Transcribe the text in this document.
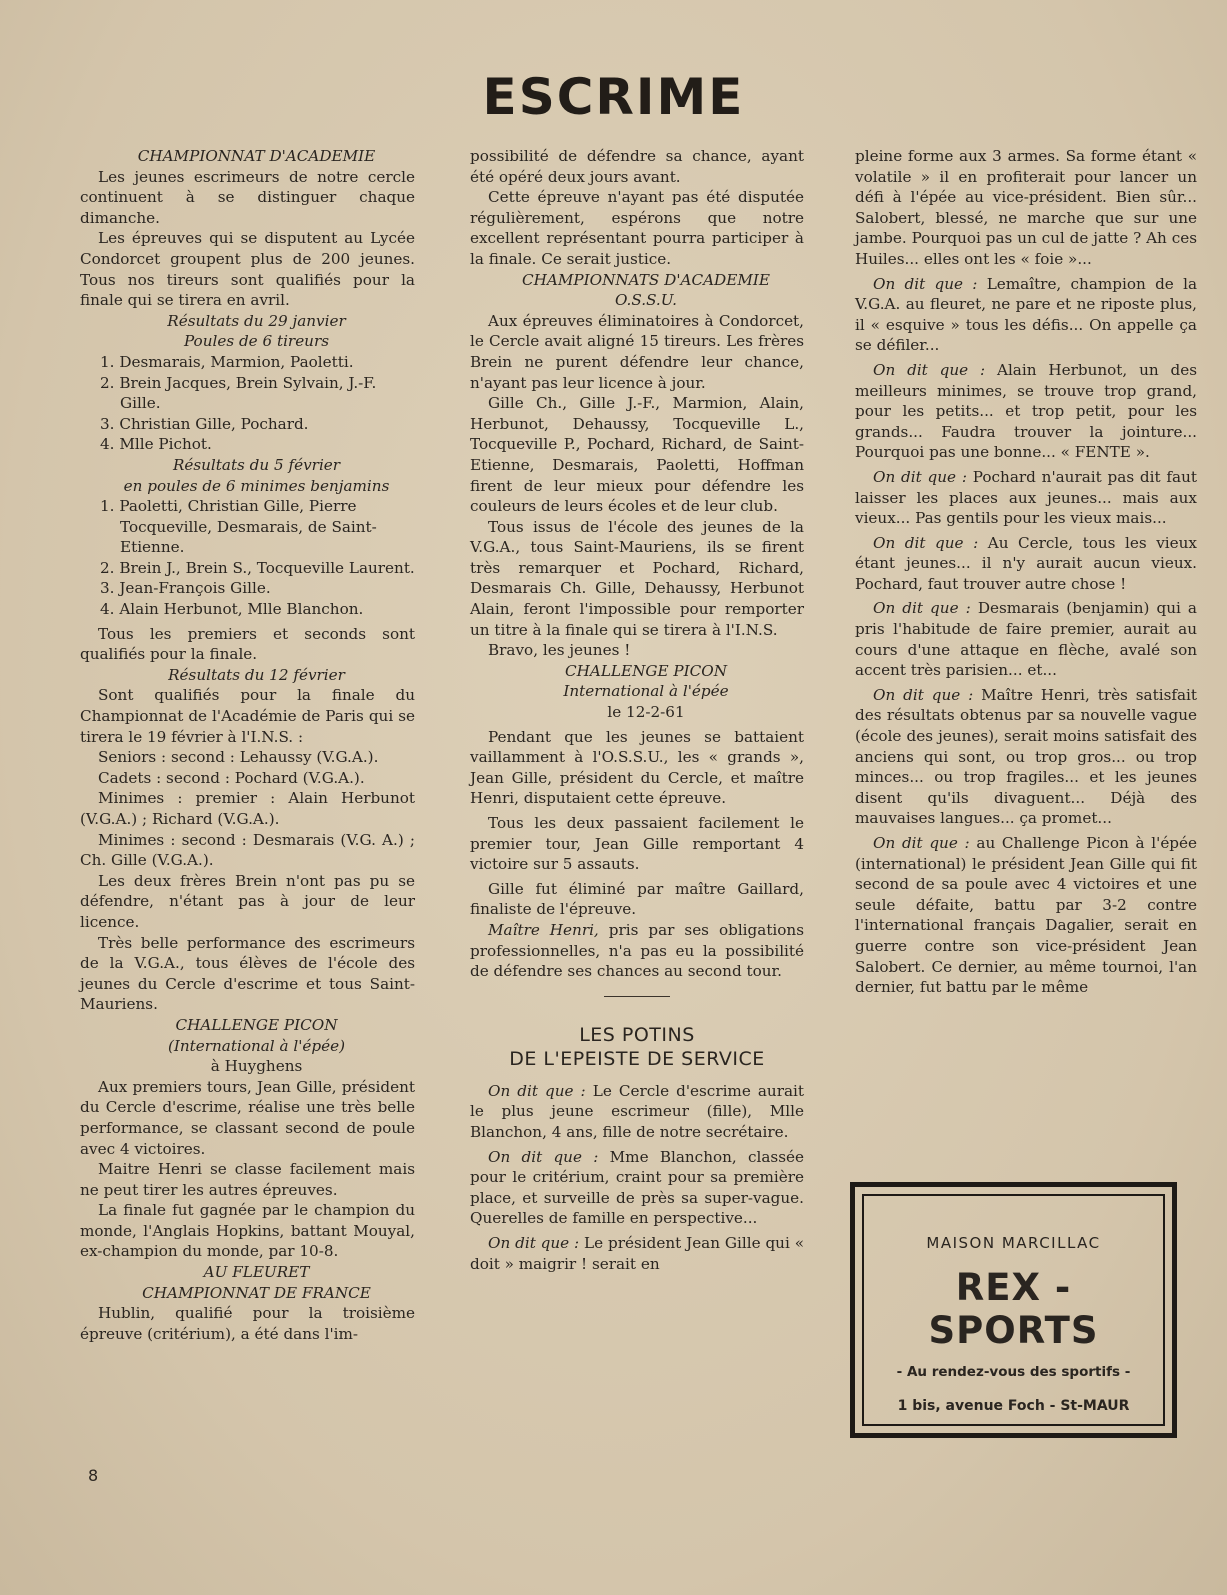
ESCRIME

CHAMPIONNAT D'ACADEMIE

Les jeunes escrimeurs de notre cercle continuent à se distinguer chaque dimanche.

Les épreuves qui se disputent au Lycée Condorcet groupent plus de 200 jeunes. Tous nos tireurs sont qualifiés pour la finale qui se tirera en avril.

Résultats du 29 janvier

Poules de 6 tireurs

1. Desmarais, Marmion, Paoletti.
2. Brein Jacques, Brein Sylvain, J.-F. Gille.
3. Christian Gille, Pochard.
4. Mlle Pichot.

Résultats du 5 février

en poules de 6 minimes benjamins

1. Paoletti, Christian Gille, Pierre Tocqueville, Desmarais, de Saint-Etienne.
2. Brein J., Brein S., Tocqueville Laurent.
3. Jean-François Gille.
4. Alain Herbunot, Mlle Blanchon.

Tous les premiers et seconds sont qualifiés pour la finale.

Résultats du 12 février

Sont qualifiés pour la finale du Championnat de l'Académie de Paris qui se tirera le 19 février à l'I.N.S. :

Seniors : second : Lehaussy (V.G.A.).

Cadets : second : Pochard (V.G.A.).

Minimes : premier : Alain Herbunot (V.G.A.) ; Richard (V.G.A.).

Minimes : second : Desmarais (V.G. A.) ; Ch. Gille (V.G.A.).

Les deux frères Brein n'ont pas pu se défendre, n'étant pas à jour de leur licence.

Très belle performance des escrimeurs de la V.G.A., tous élèves de l'école des jeunes du Cercle d'escrime et tous Saint-Mauriens.

CHALLENGE PICON

(International à l'épée)

à Huyghens

Aux premiers tours, Jean Gille, président du Cercle d'escrime, réalise une très belle performance, se classant second de poule avec 4 victoires.

Maitre Henri se classe facilement mais ne peut tirer les autres épreuves.

La finale fut gagnée par le champion du monde, l'Anglais Hopkins, battant Mouyal, ex-champion du monde, par 10-8.

AU FLEURET

CHAMPIONNAT DE FRANCE

Hublin, qualifié pour la troisième épreuve (critérium), a été dans l'im-

possibilité de défendre sa chance, ayant été opéré deux jours avant.

Cette épreuve n'ayant pas été disputée régulièrement, espérons que notre excellent représentant pourra participer à la finale. Ce serait justice.

CHAMPIONNATS D'ACADEMIE

O.S.S.U.

Aux épreuves éliminatoires à Condorcet, le Cercle avait aligné 15 tireurs. Les frères Brein ne purent défendre leur chance, n'ayant pas leur licence à jour.

Gille Ch., Gille J.-F., Marmion, Alain, Herbunot, Dehaussy, Tocqueville L., Tocqueville P., Pochard, Richard, de Saint-Etienne, Desmarais, Paoletti, Hoffman firent de leur mieux pour défendre les couleurs de leurs écoles et de leur club.

Tous issus de l'école des jeunes de la V.G.A., tous Saint-Mauriens, ils se firent très remarquer et Pochard, Richard, Desmarais Ch. Gille, Dehaussy, Herbunot Alain, feront l'impossible pour remporter un titre à la finale qui se tirera à l'I.N.S.

Bravo, les jeunes !

CHALLENGE PICON

International à l'épée

le 12-2-61

Pendant que les jeunes se battaient vaillamment à l'O.S.S.U., les « grands », Jean Gille, président du Cercle, et maître Henri, disputaient cette épreuve.

Tous les deux passaient facilement le premier tour, Jean Gille remportant 4 victoire sur 5 assauts.

Gille fut éliminé par maître Gaillard, finaliste de l'épreuve.

Maître Henri, pris par ses obligations professionnelles, n'a pas eu la possibilité de défendre ses chances au second tour.

LES POTINS
DE L'EPEISTE DE SERVICE

On dit que : Le Cercle d'escrime aurait le plus jeune escrimeur (fille), Mlle Blanchon, 4 ans, fille de notre secrétaire.

On dit que : Mme Blanchon, classée pour le critérium, craint pour sa première place, et surveille de près sa super-vague. Querelles de famille en perspective...

On dit que : Le président Jean Gille qui « doit » maigrir ! serait en

pleine forme aux 3 armes. Sa forme étant « volatile » il en profiterait pour lancer un défi à l'épée au vice-président. Bien sûr... Salobert, blessé, ne marche que sur une jambe. Pourquoi pas un cul de jatte ? Ah ces Huiles... elles ont les « foie »...

On dit que : Lemaître, champion de la V.G.A. au fleuret, ne pare et ne riposte plus, il « esquive » tous les défis... On appelle ça se défiler...

On dit que : Alain Herbunot, un des meilleurs minimes, se trouve trop grand, pour les petits... et trop petit, pour les grands... Faudra trouver la jointure... Pourquoi pas une bonne... « FENTE ».

On dit que : Pochard n'aurait pas dit faut laisser les places aux jeunes... mais aux vieux... Pas gentils pour les vieux mais...

On dit que : Au Cercle, tous les vieux étant jeunes... il n'y aurait aucun vieux. Pochard, faut trouver autre chose !

On dit que : Desmarais (benjamin) qui a pris l'habitude de faire premier, aurait au cours d'une attaque en flèche, avalé son accent très parisien... et...

On dit que : Maître Henri, très satisfait des résultats obtenus par sa nouvelle vague (école des jeunes), serait moins satisfait des anciens qui sont, ou trop gros... ou trop minces... ou trop fragiles... et les jeunes disent qu'ils divaguent... Déjà des mauvaises langues... ça promet...

On dit que : au Challenge Picon à l'épée (international) le président Jean Gille qui fit second de sa poule avec 4 victoires et une seule défaite, battu par 3-2 contre l'international français Dagalier, serait en guerre contre son vice-président Jean Salobert. Ce dernier, au même tournoi, l'an dernier, fut battu par le même

MAISON MARCILLAC
REX - SPORTS
- Au rendez-vous des sportifs -
1 bis, avenue Foch - St-MAUR
8
